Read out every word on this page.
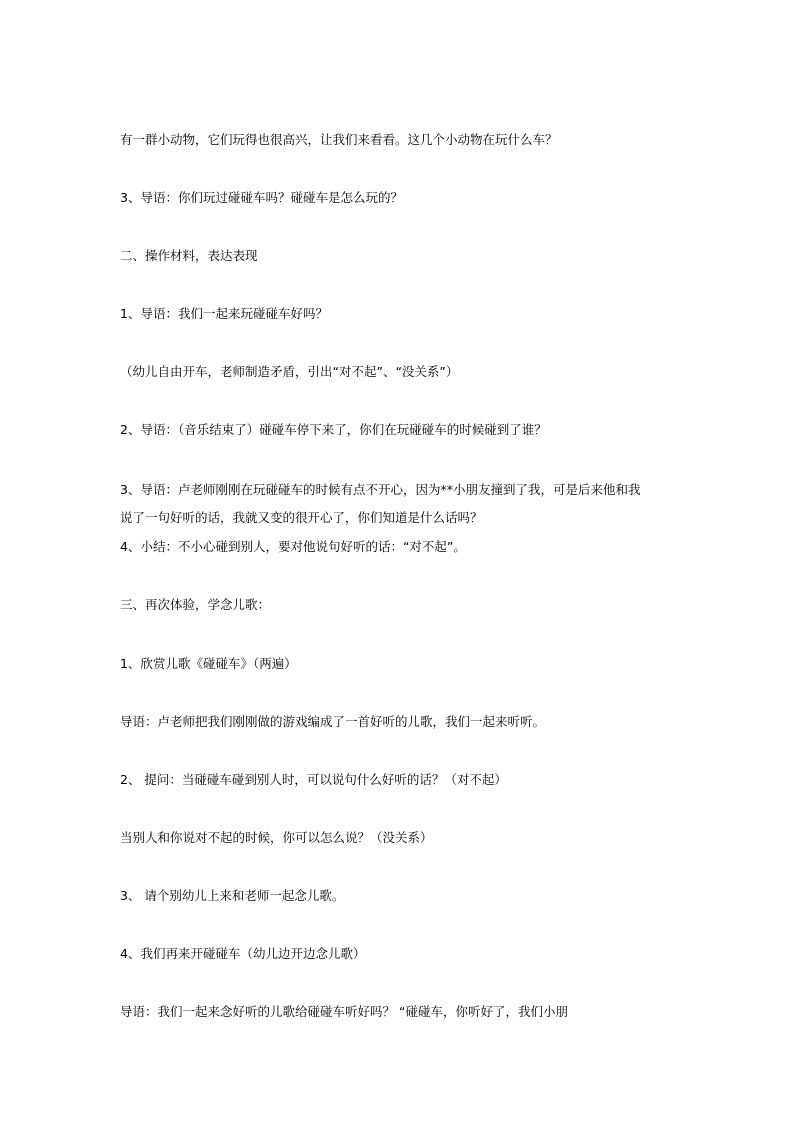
有一群小动物，它们玩得也很高兴，让我们来看看。这几个小动物在玩什么车？
3、导语：你们玩过碰碰车吗？碰碰车是怎么玩的？
二、操作材料，表达表现
1、导语：我们一起来玩碰碰车好吗？
（幼儿自由开车，老师制造矛盾，引出“对不起”、“没关系”）
2、导语：（音乐结束了）碰碰车停下来了，你们在玩碰碰车的时候碰到了谁？
3、导语：卢老师刚刚在玩碰碰车的时候有点不开心，因为**小朋友撞到了我，可是后来他和我
说了一句好听的话，我就又变的很开心了，你们知道是什么话吗？
4、小结：不小心碰到别人，要对他说句好听的话：“对不起”。
三、再次体验，学念儿歌：
1、欣赏儿歌《碰碰车》（两遍）
导语：卢老师把我们刚刚做的游戏编成了一首好听的儿歌，我们一起来听听。
2、 提问：当碰碰车碰到别人时，可以说句什么好听的话？（对不起）
当别人和你说对不起的时候，你可以怎么说？（没关系）
3、 请个别幼儿上来和老师一起念儿歌。
4、我们再来开碰碰车（幼儿边开边念儿歌）
导语：我们一起来念好听的儿歌给碰碰车听好吗？ “碰碰车，你听好了，我们小朋
